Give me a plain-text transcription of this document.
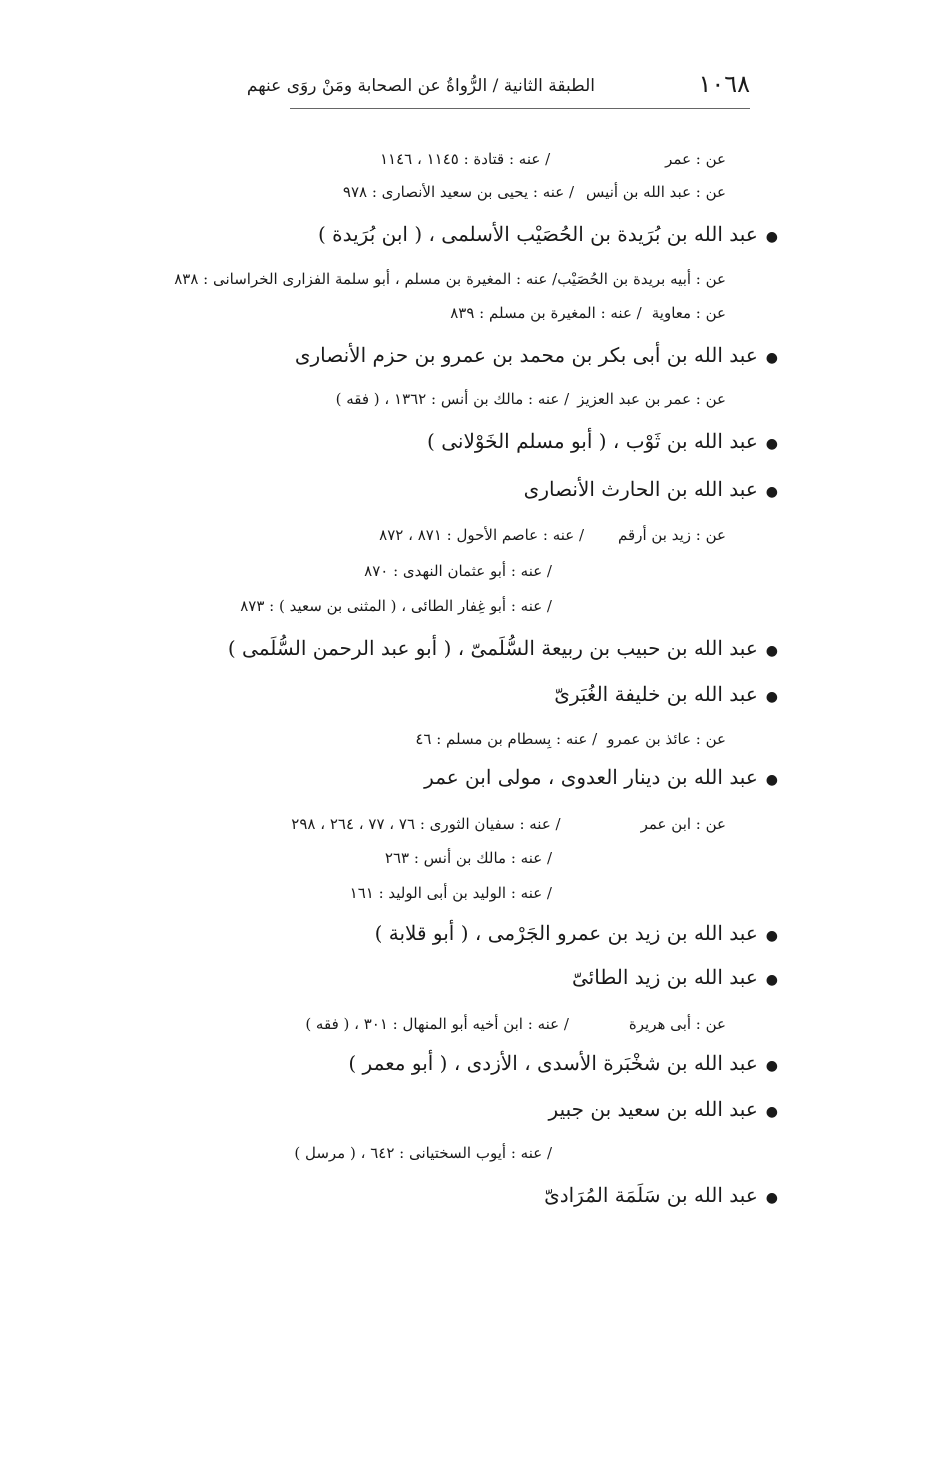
١٠٦٨
الطبقة الثانية / الرُّواةُ عن الصحابة ومَنْ روَى عنهم
عن : عمر/ عنه : قتادة : ١١٤٥ ، ١١٤٦
عن : عبد الله بن أنيس/ عنه : يحيى بن سعيد الأنصارى : ٩٧٨
●عبد الله بن بُرَيدة بن الحُصَيْب الأسلمى ، ( ابن بُرَيدة )
عن : أبيه بريدة بن الحُصَيْب/ عنه : المغيرة بن مسلم ، أبو سلمة الفزارى الخراسانى : ٨٣٨
عن : معاوية/ عنه : المغيرة بن مسلم : ٨٣٩
●عبد الله بن أبى بكر بن محمد بن عمرو بن حزم الأنصارى
عن : عمر بن عبد العزيز/ عنه : مالك بن أنس : ١٣٦٢ ، ( فقه )
●عبد الله بن ثَوْب ، ( أبو مسلم الخَوْلانى )
●عبد الله بن الحارث الأنصارى
عن : زيد بن أرقم/ عنه : عاصم الأحول : ٨٧١ ، ٨٧٢
/ عنه : أبو عثمان النهدى : ٨٧٠
/ عنه : أبو غِفار الطائى ، ( المثنى بن سعيد ) : ٨٧٣
●عبد الله بن حبيب بن ربيعة السُّلَمىّ ، ( أبو عبد الرحمن السُّلَمى )
●عبد الله بن خليفة الغُبَرىّ
عن : عائذ بن عمرو/ عنه : بِسطام بن مسلم : ٤٦
●عبد الله بن دينار العدوى ، مولى ابن عمر
عن : ابن عمر/ عنه : سفيان الثورى : ٧٦ ، ٧٧ ، ٢٦٤ ، ٢٩٨
/ عنه : مالك بن أنس : ٢٦٣
/ عنه : الوليد بن أبى الوليد : ١٦١
●عبد الله بن زيد بن عمرو الجَرْمى ، ( أبو قلابة )
●عبد الله بن زيد الطائىّ
عن : أبى هريرة/ عنه : ابن أخيه أبو المنهال : ٣٠١ ، ( فقه )
●عبد الله بن شخْبَرة الأسدى ، الأزدى ، ( أبو معمر )
●عبد الله بن سعيد بن جبير
/ عنه : أيوب السختيانى : ٦٤٢ ، ( مرسل )
●عبد الله بن سَلَمَة المُرَادىّ
